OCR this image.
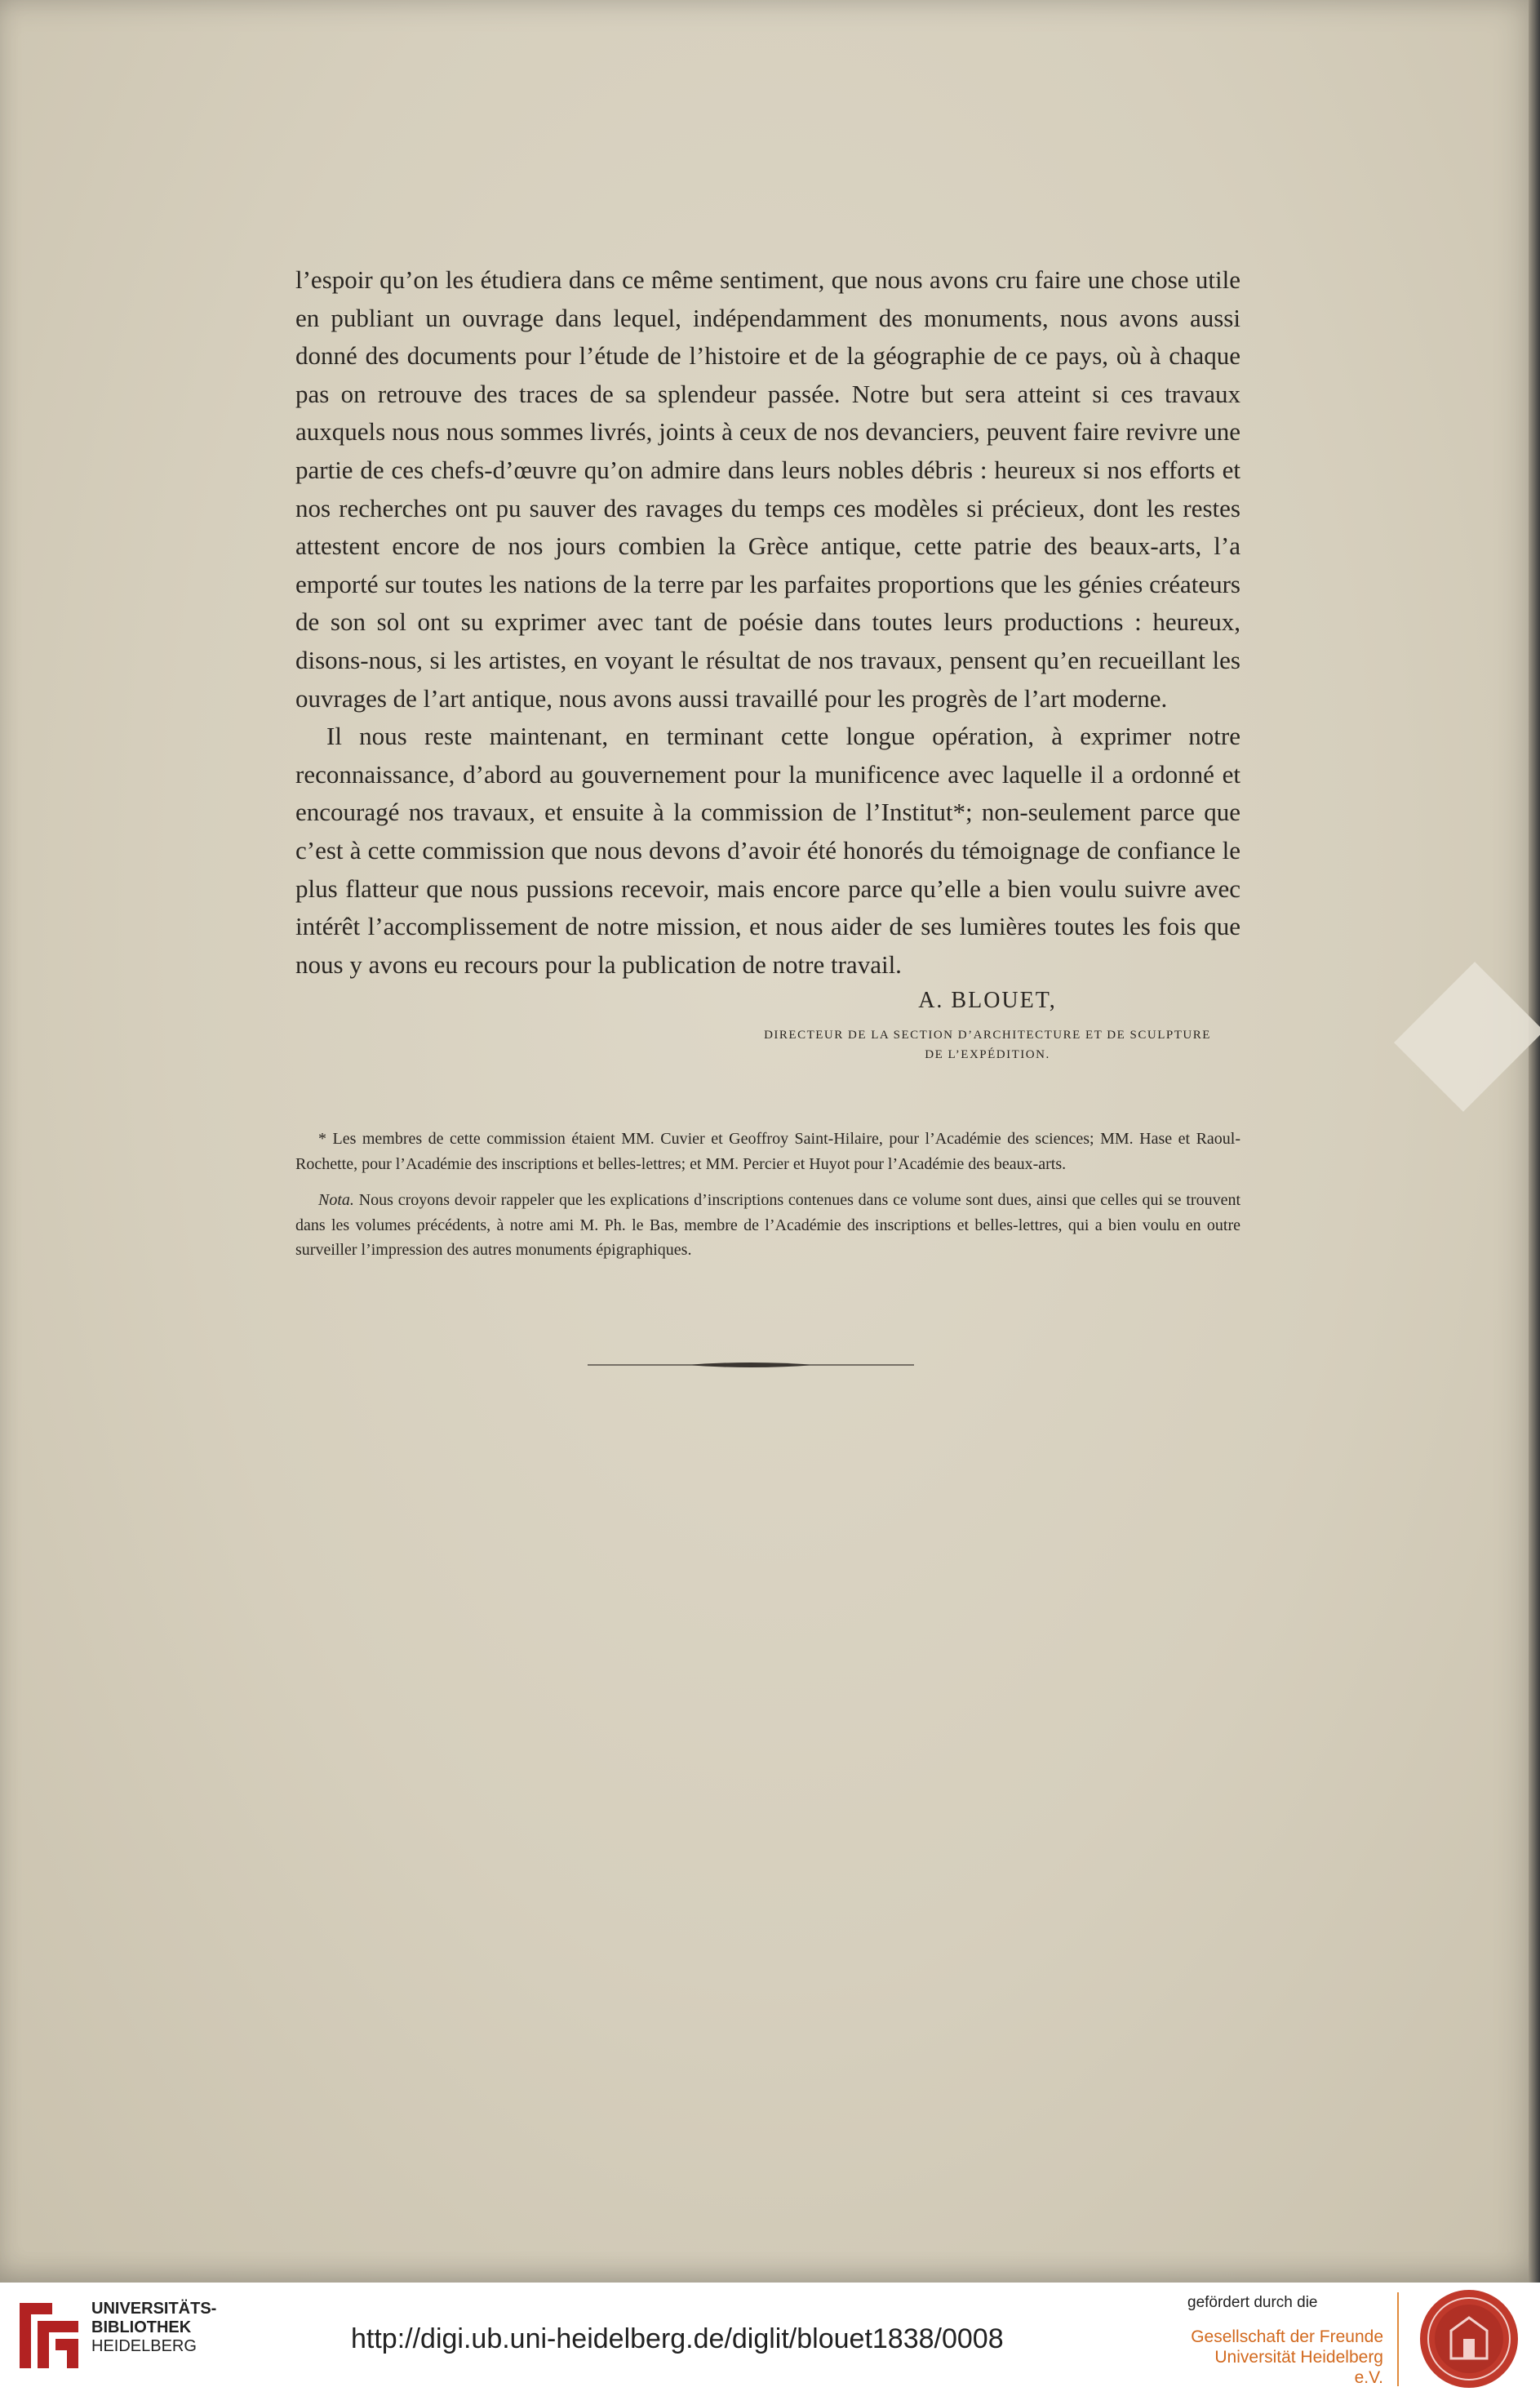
l’espoir qu’on les étudiera dans ce même sentiment, que nous avons cru faire une chose utile en publiant un ouvrage dans lequel, indépendamment des monuments, nous avons aussi donné des documents pour l’étude de l’histoire et de la géographie de ce pays, où à chaque pas on retrouve des traces de sa splendeur passée. Notre but sera atteint si ces travaux auxquels nous nous sommes livrés, joints à ceux de nos devanciers, peuvent faire revivre une partie de ces chefs-d’œuvre qu’on admire dans leurs nobles débris : heureux si nos efforts et nos recherches ont pu sauver des ravages du temps ces modèles si précieux, dont les restes attestent encore de nos jours combien la Grèce antique, cette patrie des beaux-arts, l’a emporté sur toutes les nations de la terre par les parfaites proportions que les génies créateurs de son sol ont su exprimer avec tant de poésie dans toutes leurs productions : heureux, disons-nous, si les artistes, en voyant le résultat de nos travaux, pensent qu’en recueillant les ouvrages de l’art antique, nous avons aussi travaillé pour les progrès de l’art moderne.

Il nous reste maintenant, en terminant cette longue opération, à exprimer notre reconnaissance, d’abord au gouvernement pour la munificence avec laquelle il a ordonné et encouragé nos travaux, et ensuite à la commission de l’Institut*; non-seulement parce que c’est à cette commission que nous devons d’avoir été honorés du témoignage de confiance le plus flatteur que nous pussions recevoir, mais encore parce qu’elle a bien voulu suivre avec intérêt l’accomplissement de notre mission, et nous aider de ses lumières toutes les fois que nous y avons eu recours pour la publication de notre travail.

A. BLOUET,
DIRECTEUR DE LA SECTION D’ARCHITECTURE ET DE SCULPTURE
DE L’EXPÉDITION.

* Les membres de cette commission étaient MM. Cuvier et Geoffroy Saint-Hilaire, pour l’Académie des sciences; MM. Hase et Raoul-Rochette, pour l’Académie des inscriptions et belles-lettres; et MM. Percier et Huyot pour l’Académie des beaux-arts.

Nota. Nous croyons devoir rappeler que les explications d’inscriptions contenues dans ce volume sont dues, ainsi que celles qui se trouvent dans les volumes précédents, à notre ami M. Ph. le Bas, membre de l’Académie des inscriptions et belles-lettres, qui a bien voulu en outre surveiller l’impression des autres monuments épigraphiques.

UNIVERSITÄTS-
BIBLIOTHEK
HEIDELBERG	http://digi.ub.uni-heidelberg.de/diglit/blouet1838/0008
gefördert durch die
Gesellschaft der Freunde
Universität Heidelberg e.V.
